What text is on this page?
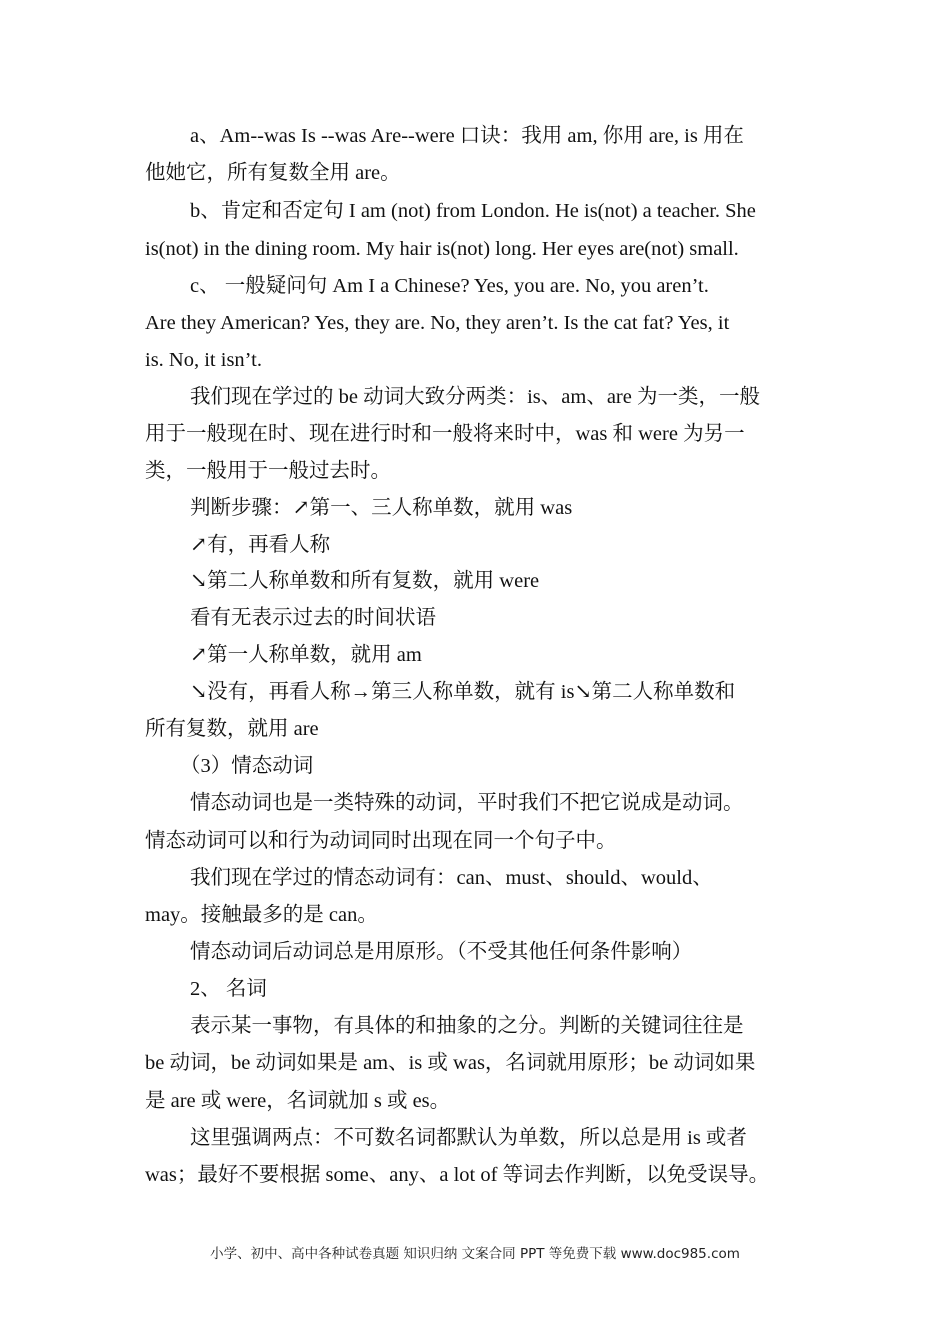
a、Am--was Is --was Are--were 口诀：我用 am, 你用 are, is 用在
他她它，所有复数全用 are。
b、肯定和否定句 I am (not) from London. He is(not) a teacher. She
is(not) in the dining room. My hair is(not) long. Her eyes are(not) small.
c、 一般疑问句 Am I a Chinese? Yes, you are. No, you aren’t.
Are they American? Yes, they are. No, they aren’t. Is the cat fat? Yes, it
is. No, it isn’t.
我们现在学过的 be 动词大致分两类：is、am、are 为一类，一般
用于一般现在时、现在进行时和一般将来时中，was 和 were 为另一
类，一般用于一般过去时。
判断步骤：↗第一、三人称单数，就用 was
↗有，再看人称
↘第二人称单数和所有复数，就用 were
看有无表示过去的时间状语
↗第一人称单数，就用 am
↘没有，再看人称→第三人称单数，就有 is↘第二人称单数和
所有复数，就用 are
（3）情态动词
情态动词也是一类特殊的动词，平时我们不把它说成是动词。
情态动词可以和行为动词同时出现在同一个句子中。
我们现在学过的情态动词有：can、must、should、would、
may。接触最多的是 can。
情态动词后动词总是用原形。（不受其他任何条件影响）
2、 名词
表示某一事物，有具体的和抽象的之分。判断的关键词往往是
be 动词，be 动词如果是 am、is 或 was，名词就用原形；be 动词如果
是 are 或 were，名词就加 s 或 es。
这里强调两点：不可数名词都默认为单数，所以总是用 is 或者
was；最好不要根据 some、any、a lot of 等词去作判断，以免受误导。
小学、初中、高中各种试卷真题 知识归纳 文案合同 PPT 等免费下载 www.doc985.com
